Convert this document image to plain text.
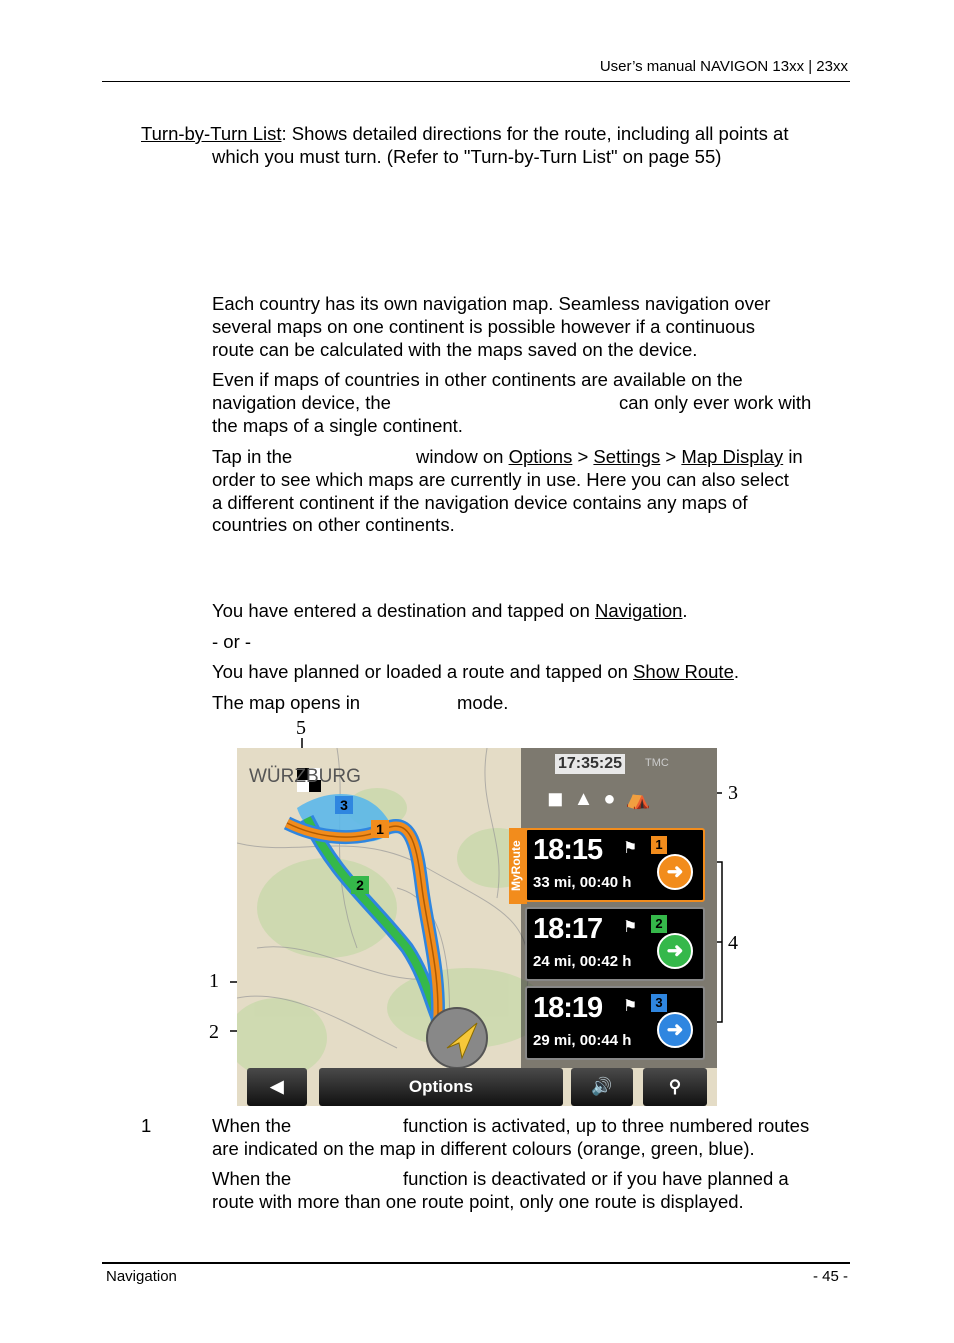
User’s manual NAVIGON 13xx | 23xx

Turn-by-Turn List: Shows detailed directions for the route, including all points at

which you must turn. (Refer to "Turn-by-Turn List" on page 55)

Each country has its own navigation map. Seamless navigation over

several maps on one continent is possible however if a continuous

route can be calculated with the maps saved on the device.

Even if maps of countries in other continents are available on the

navigation device, the	can only ever work with

the maps of a single continent.

Tap in the	window on Options > Settings > Map Display in

order to see which maps are currently in use. Here you can also select

a different continent if the navigation device contains any maps of

countries on other continents.

You have entered a destination and tapped on Navigation.

- or -

You have planned or loaded a route and tapped on Show Route.

The map opens in	mode.

5
3
4
1
2
WÜRZBURG
1
2
3
17:35:25 TMC
◼▲●⛺
MyRoute 18:15 ⚑	1
➜
33 mi, 00:40 h
18:17 ⚑	2
➜
24 mi, 00:42 h
18:19 ⚑	3
➜
29 mi, 00:44 h
◀	Options	🔊	⚲

1	When the	function is activated, up to three numbered routes

are indicated on the map in different colours (orange, green, blue).

When the	function is deactivated or if you have planned a

route with more than one route point, only one route is displayed.

Navigation	- 45 -
